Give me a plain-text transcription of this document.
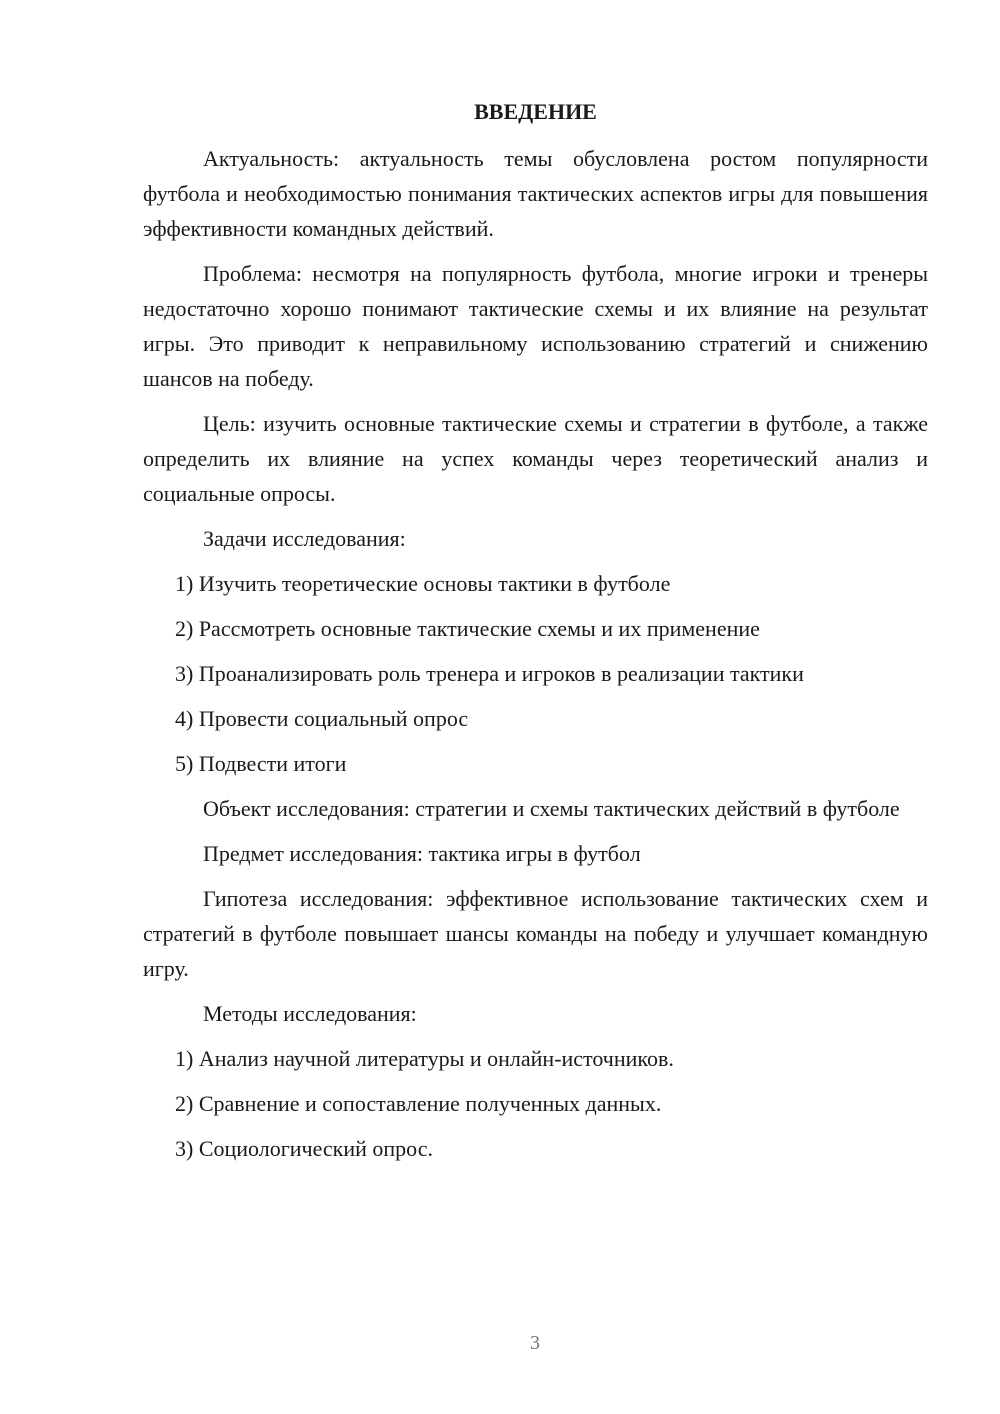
ВВЕДЕНИЕ

Актуальность: актуальность темы обусловлена ростом популярности футбола и необходимостью понимания тактических аспектов игры для повышения эффективности командных действий.

Проблема: несмотря на популярность футбола, многие игроки и тренеры недостаточно хорошо понимают тактические схемы и их влияние на результат игры. Это приводит к неправильному использованию стратегий и снижению шансов на победу.

Цель: изучить основные тактические схемы и стратегии в футболе, а также определить их влияние на успех команды через теоретический анализ и социальные опросы.

Задачи исследования:

1) Изучить теоретические основы тактики в футболе
2) Рассмотреть основные тактические схемы и их применение
3) Проанализировать роль тренера и игроков в реализации тактики
4) Провести социальный опрос
5) Подвести итоги

Объект исследования: стратегии и схемы тактических действий в футболе

Предмет исследования: тактика игры в футбол

Гипотеза исследования: эффективное использование тактических схем и стратегий в футболе повышает шансы команды на победу и улучшает командную игру.

Методы исследования:

1) Анализ научной литературы и онлайн-источников.
2) Сравнение и сопоставление полученных данных.
3) Социологический опрос.
3
